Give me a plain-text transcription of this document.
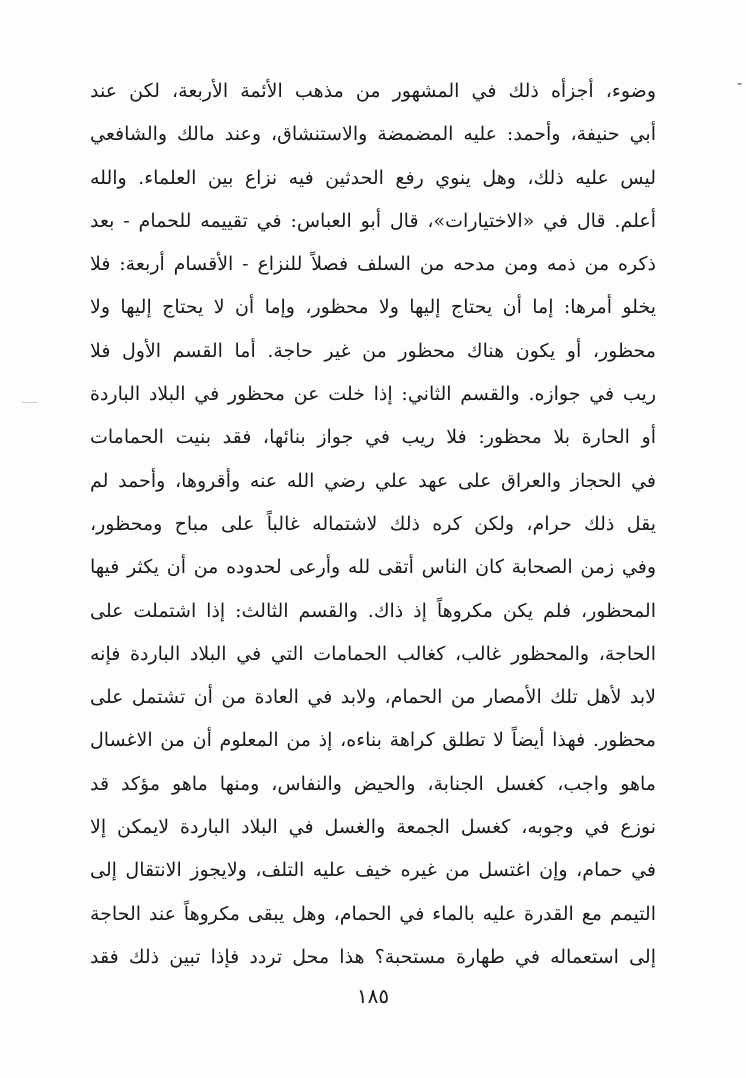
وضوء، أجزأه ذلك في المشهور من مذهب الأئمة الأربعة، لكن عند
أبي حنيفة، وأحمد: عليه المضمضة والاستنشاق، وعند مالك والشافعي
ليس عليه ذلك، وهل ينوي رفع الحدثين فيه نزاع بين العلماء. والله
أعلم. قال في «الاختيارات»، قال أبو العباس: في تقييمه للحمام - بعد
ذكره من ذمه ومن مدحه من السلف فصلاً للنزاع - الأقسام أربعة: فلا
يخلو أمرها: إما أن يحتاج إليها ولا محظور، وإما أن لا يحتاج إليها ولا
محظور، أو يكون هناك محظور من غير حاجة. أما القسم الأول فلا
ريب في جوازه. والقسم الثاني: إذا خلت عن محظور في البلاد الباردة
أو الحارة بلا محظور: فلا ريب في جواز بنائها، فقد بنيت الحمامات
في الحجاز والعراق على عهد علي رضي الله عنه وأقروها، وأحمد لم
يقل ذلك حرام، ولكن كره ذلك لاشتماله غالباً على مباح ومحظور،
وفي زمن الصحابة كان الناس أتقى لله وأرعى لحدوده من أن يكثر فيها
المحظور، فلم يكن مكروهاً إذ ذاك. والقسم الثالث: إذا اشتملت على
الحاجة، والمحظور غالب، كغالب الحمامات التي في البلاد الباردة فإنه
لابد لأهل تلك الأمصار من الحمام، ولابد في العادة من أن تشتمل على
محظور. فهذا أيضاً لا تطلق كراهة بناءه، إذ من المعلوم أن من الاغسال
ماهو واجب، كغسل الجنابة، والحيض والنفاس، ومنها ماهو مؤكد قد
نوزع في وجوبه، كغسل الجمعة والغسل في البلاد الباردة لايمكن إلا
في حمام، وإن اغتسل من غيره خيف عليه التلف، ولايجوز الانتقال إلى
التيمم مع القدرة عليه بالماء في الحمام، وهل يبقى مكروهاً عند الحاجة
إلى استعماله في طهارة مستحبة؟ هذا محل تردد فإذا تبين ذلك فقد
-
١٨٥
